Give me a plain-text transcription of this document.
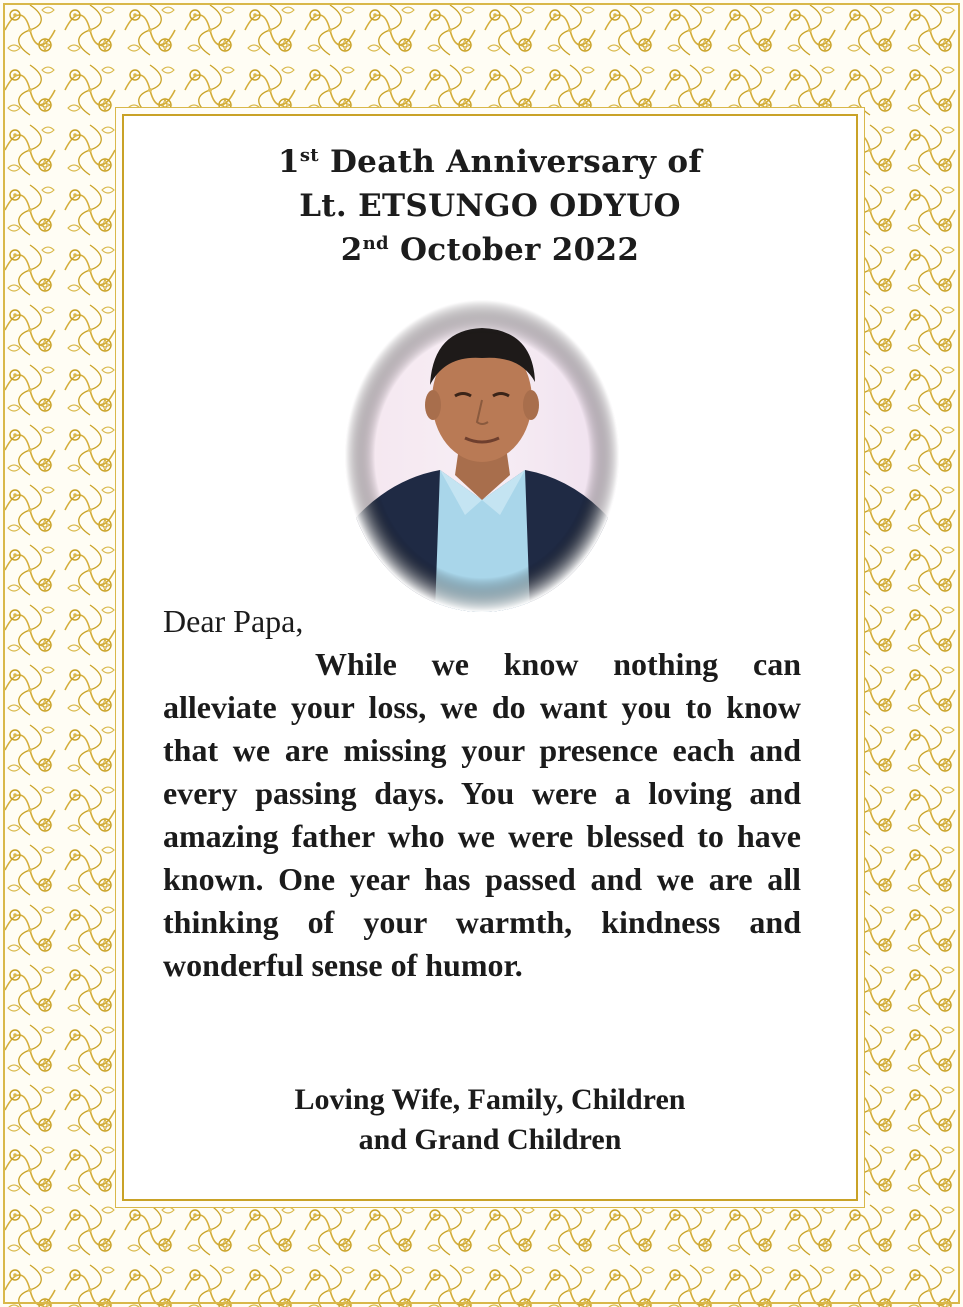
1st Death Anniversary of
Lt. ETSUNGO ODYUO
2nd October 2022
Dear Papa,

While we know nothing can alleviate your loss, we do want you to know that we are missing your presence each and every passing days. You were a loving and amazing father who we were blessed to have known. One year has passed and we are all thinking of your warmth, kindness and wonderful sense of humor.

Loving Wife, Family, Children
and Grand Children
